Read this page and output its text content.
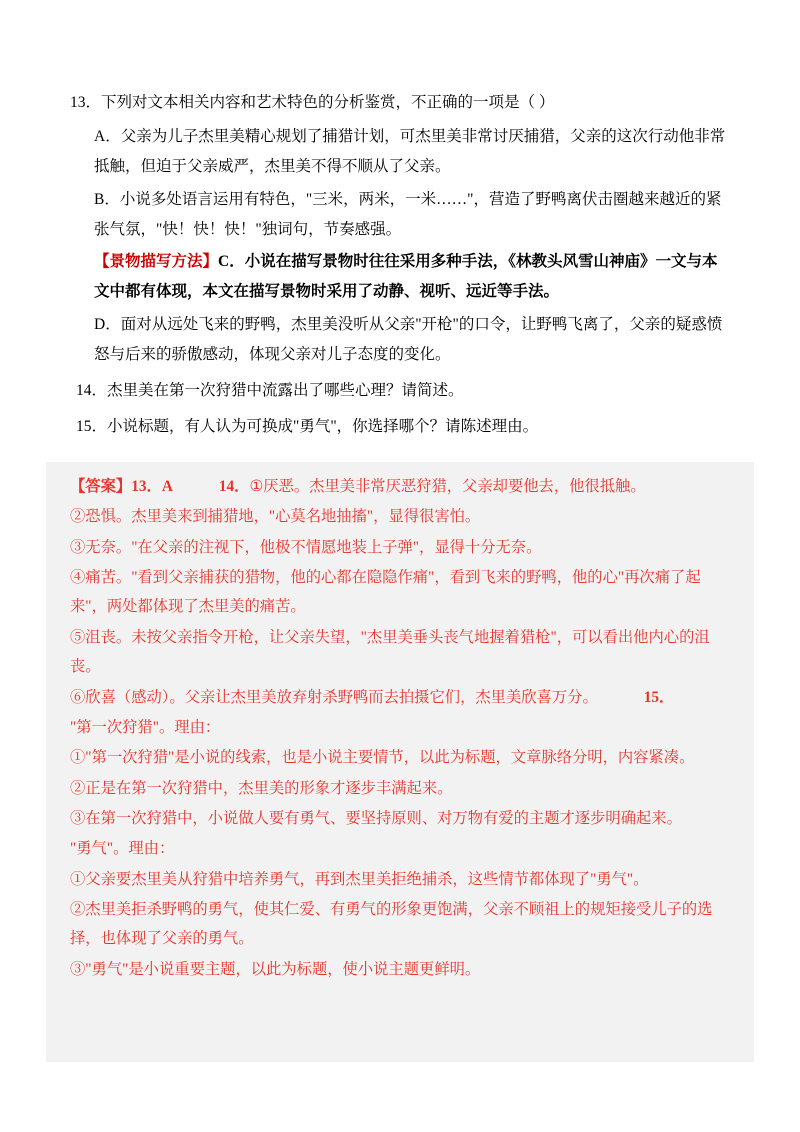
13．下列对文本相关内容和艺术特色的分析鉴赏，不正确的一项是（ ）

A．父亲为儿子杰里美精心规划了捕猎计划，可杰里美非常讨厌捕猎，父亲的这次行动他非常抵触，但迫于父亲威严，杰里美不得不顺从了父亲。

B．小说多处语言运用有特色，"三米，两米，一米……"，营造了野鸭离伏击圈越来越近的紧张气氛，"快！快！快！"独词句，节奏感强。

【景物描写方法】C．小说在描写景物时往往采用多种手法，《林教头风雪山神庙》一文与本文中都有体现，本文在描写景物时采用了动静、视听、远近等手法。

D．面对从远处飞来的野鸭，杰里美没听从父亲"开枪"的口令，让野鸭飞离了，父亲的疑惑愤怒与后来的骄傲感动，体现父亲对儿子态度的变化。

14．杰里美在第一次狩猎中流露出了哪些心理？请简述。

15．小说标题，有人认为可换成"勇气"，你选择哪个？请陈述理由。

【答案】13．A	14．①厌恶。杰里美非常厌恶狩猎，父亲却要他去，他很抵触。

②恐惧。杰里美来到捕猎地，"心莫名地抽搐"，显得很害怕。

③无奈。"在父亲的注视下，他极不情愿地装上子弹"，显得十分无奈。

④痛苦。"看到父亲捕获的猎物，他的心都在隐隐作痛"，看到飞来的野鸭，他的心"再次痛了起来"，两处都体现了杰里美的痛苦。

⑤沮丧。未按父亲指令开枪，让父亲失望，"杰里美垂头丧气地握着猎枪"，可以看出他内心的沮丧。

⑥欣喜（感动）。父亲让杰里美放弃射杀野鸭而去拍摄它们，杰里美欣喜万分。	15．

"第一次狩猎"。理由：

①"第一次狩猎"是小说的线索，也是小说主要情节，以此为标题，文章脉络分明，内容紧凑。

②正是在第一次狩猎中，杰里美的形象才逐步丰满起来。

③在第一次狩猎中，小说做人要有勇气、要坚持原则、对万物有爱的主题才逐步明确起来。

"勇气"。理由：

①父亲要杰里美从狩猎中培养勇气，再到杰里美拒绝捕杀，这些情节都体现了"勇气"。

②杰里美拒杀野鸭的勇气，使其仁爱、有勇气的形象更饱满，父亲不顾祖上的规矩接受儿子的选择，也体现了父亲的勇气。

③"勇气"是小说重要主题，以此为标题，使小说主题更鲜明。
